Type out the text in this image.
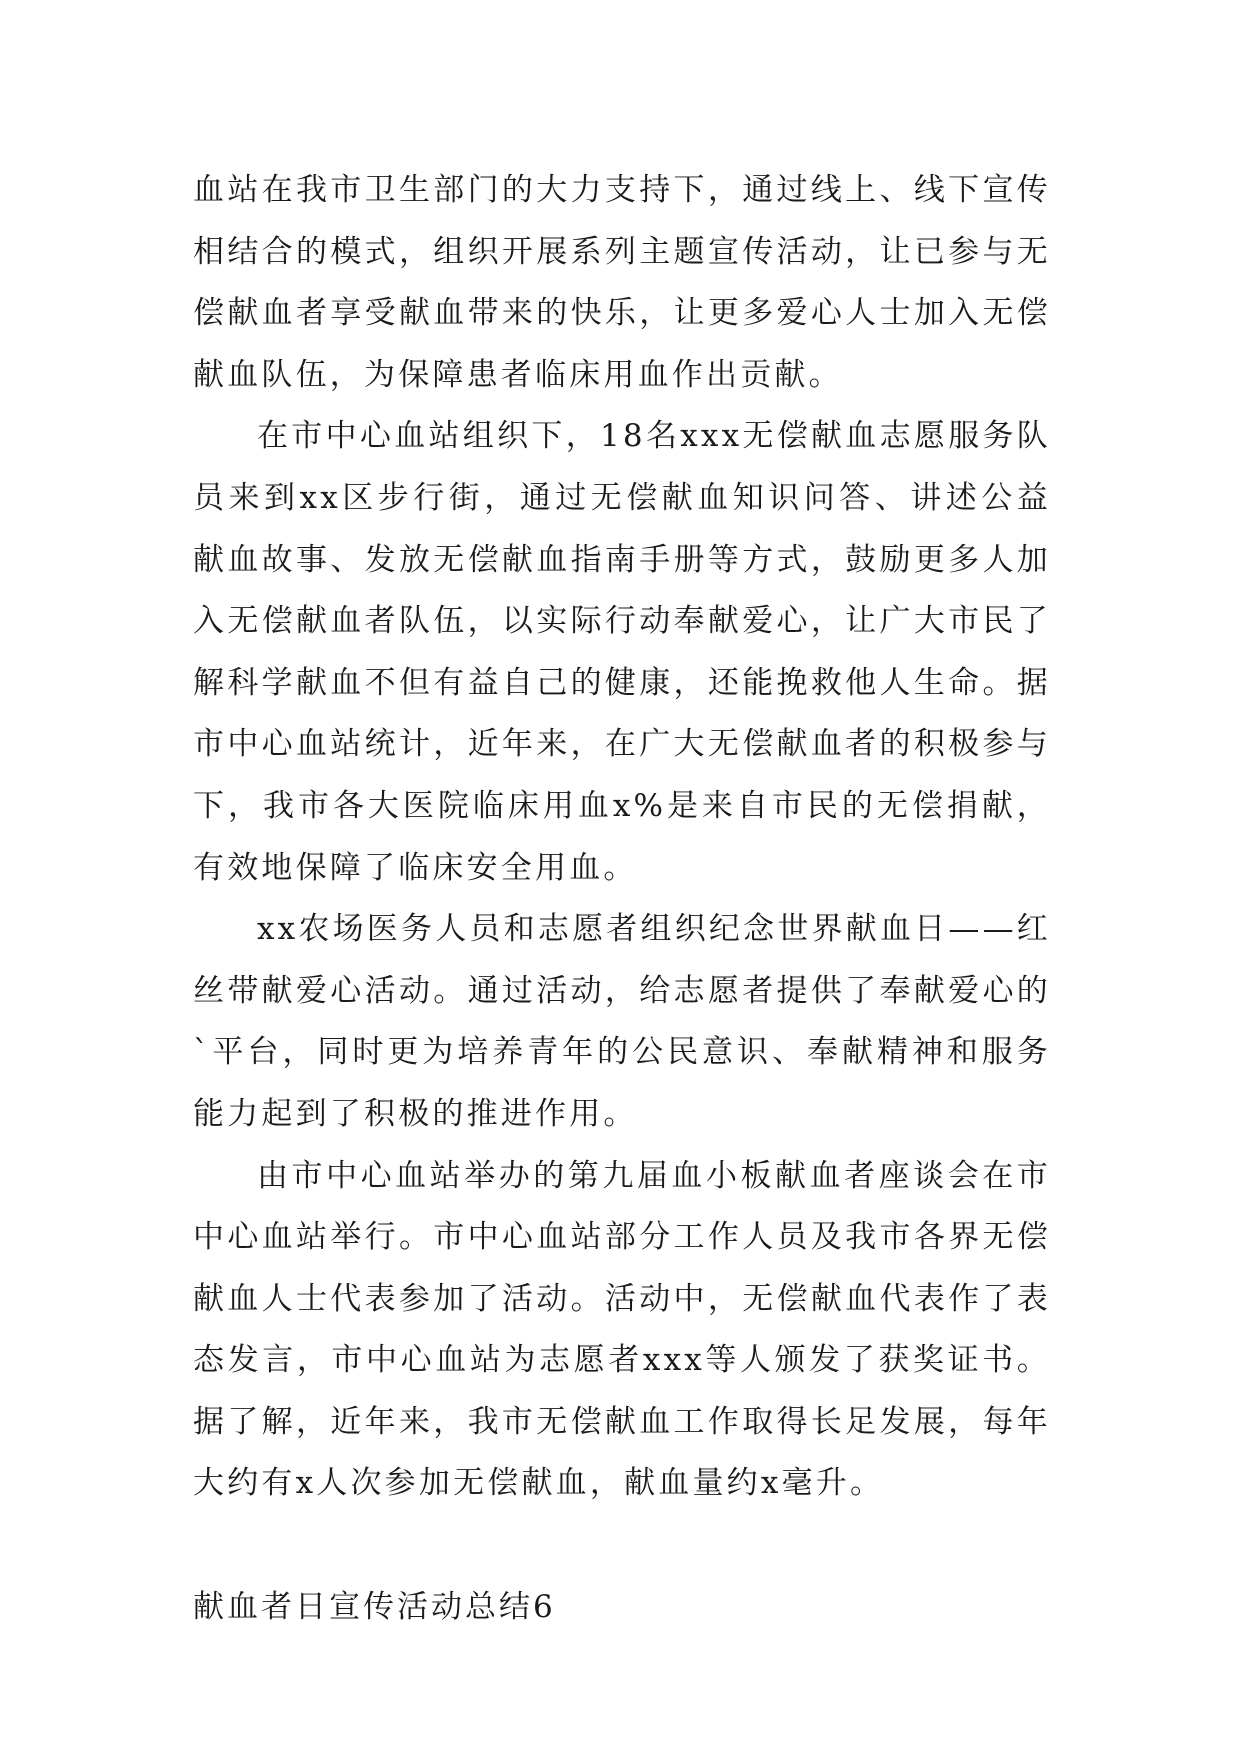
血站在我市卫生部门的大力支持下，通过线上、线下宣传相结合的模式，组织开展系列主题宣传活动，让已参与无偿献血者享受献血带来的快乐，让更多爱心人士加入无偿献血队伍，为保障患者临床用血作出贡献。

在市中心血站组织下，18名xxx无偿献血志愿服务队员来到xx区步行街，通过无偿献血知识问答、讲述公益献血故事、发放无偿献血指南手册等方式，鼓励更多人加入无偿献血者队伍，以实际行动奉献爱心，让广大市民了解科学献血不但有益自己的健康，还能挽救他人生命。据市中心血站统计，近年来，在广大无偿献血者的积极参与下，我市各大医院临床用血x%是来自市民的无偿捐献，有效地保障了临床安全用血。

xx农场医务人员和志愿者组织纪念世界献血日——红丝带献爱心活动。通过活动，给志愿者提供了奉献爱心的`平台，同时更为培养青年的公民意识、奉献精神和服务能力起到了积极的推进作用。

由市中心血站举办的第九届血小板献血者座谈会在市中心血站举行。市中心血站部分工作人员及我市各界无偿献血人士代表参加了活动。活动中，无偿献血代表作了表态发言，市中心血站为志愿者xxx等人颁发了获奖证书。据了解，近年来，我市无偿献血工作取得长足发展，每年大约有x人次参加无偿献血，献血量约x毫升。

献血者日宣传活动总结6
